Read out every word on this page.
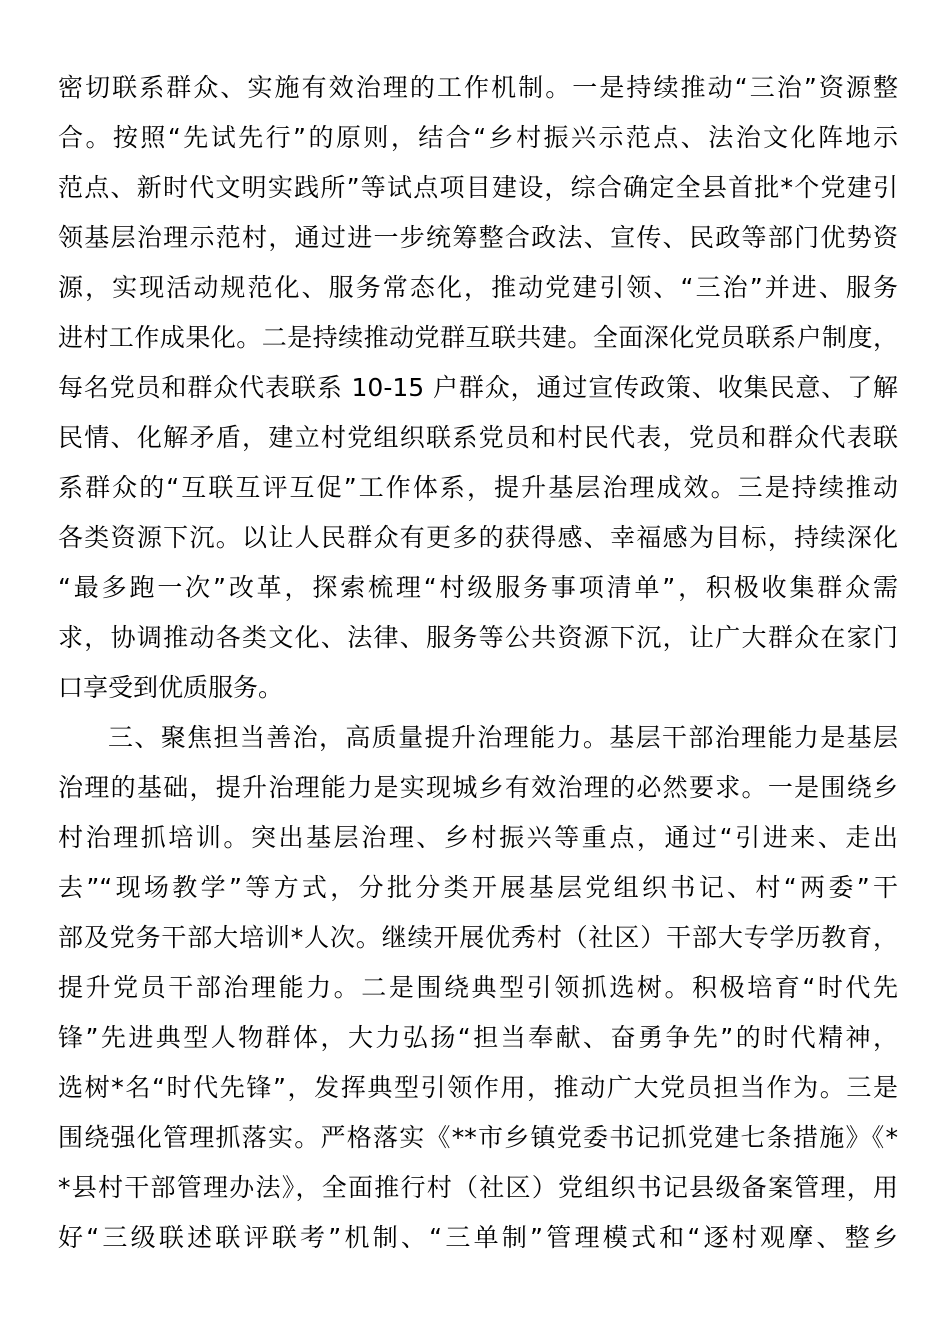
密切联系群众、实施有效治理的工作机制。一是持续推动“三治”资源整
合。按照“先试先行”的原则，结合“乡村振兴示范点、法治文化阵地示
范点、新时代文明实践所”等试点项目建设，综合确定全县首批*个党建引
领基层治理示范村，通过进一步统筹整合政法、宣传、民政等部门优势资
源，实现活动规范化、服务常态化，推动党建引领、“三治”并进、服务
进村工作成果化。二是持续推动党群互联共建。全面深化党员联系户制度，
每名党员和群众代表联系 10-15 户群众，通过宣传政策、收集民意、了解
民情、化解矛盾，建立村党组织联系党员和村民代表，党员和群众代表联
系群众的“互联互评互促”工作体系，提升基层治理成效。三是持续推动
各类资源下沉。以让人民群众有更多的获得感、幸福感为目标，持续深化
“最多跑一次”改革，探索梳理“村级服务事项清单”，积极收集群众需
求，协调推动各类文化、法律、服务等公共资源下沉，让广大群众在家门
口享受到优质服务。
三、聚焦担当善治，高质量提升治理能力。基层干部治理能力是基层
治理的基础，提升治理能力是实现城乡有效治理的必然要求。一是围绕乡
村治理抓培训。突出基层治理、乡村振兴等重点，通过“引进来、走出
去”“现场教学”等方式，分批分类开展基层党组织书记、村“两委”干
部及党务干部大培训*人次。继续开展优秀村（社区）干部大专学历教育，
提升党员干部治理能力。二是围绕典型引领抓选树。积极培育“时代先
锋”先进典型人物群体，大力弘扬“担当奉献、奋勇争先”的时代精神，
选树*名“时代先锋”，发挥典型引领作用，推动广大党员担当作为。三是
围绕强化管理抓落实。严格落实《**市乡镇党委书记抓党建七条措施》《*
*县村干部管理办法》，全面推行村（社区）党组织书记县级备案管理，用
好“三级联述联评联考”机制、“三单制”管理模式和“逐村观摩、整乡
